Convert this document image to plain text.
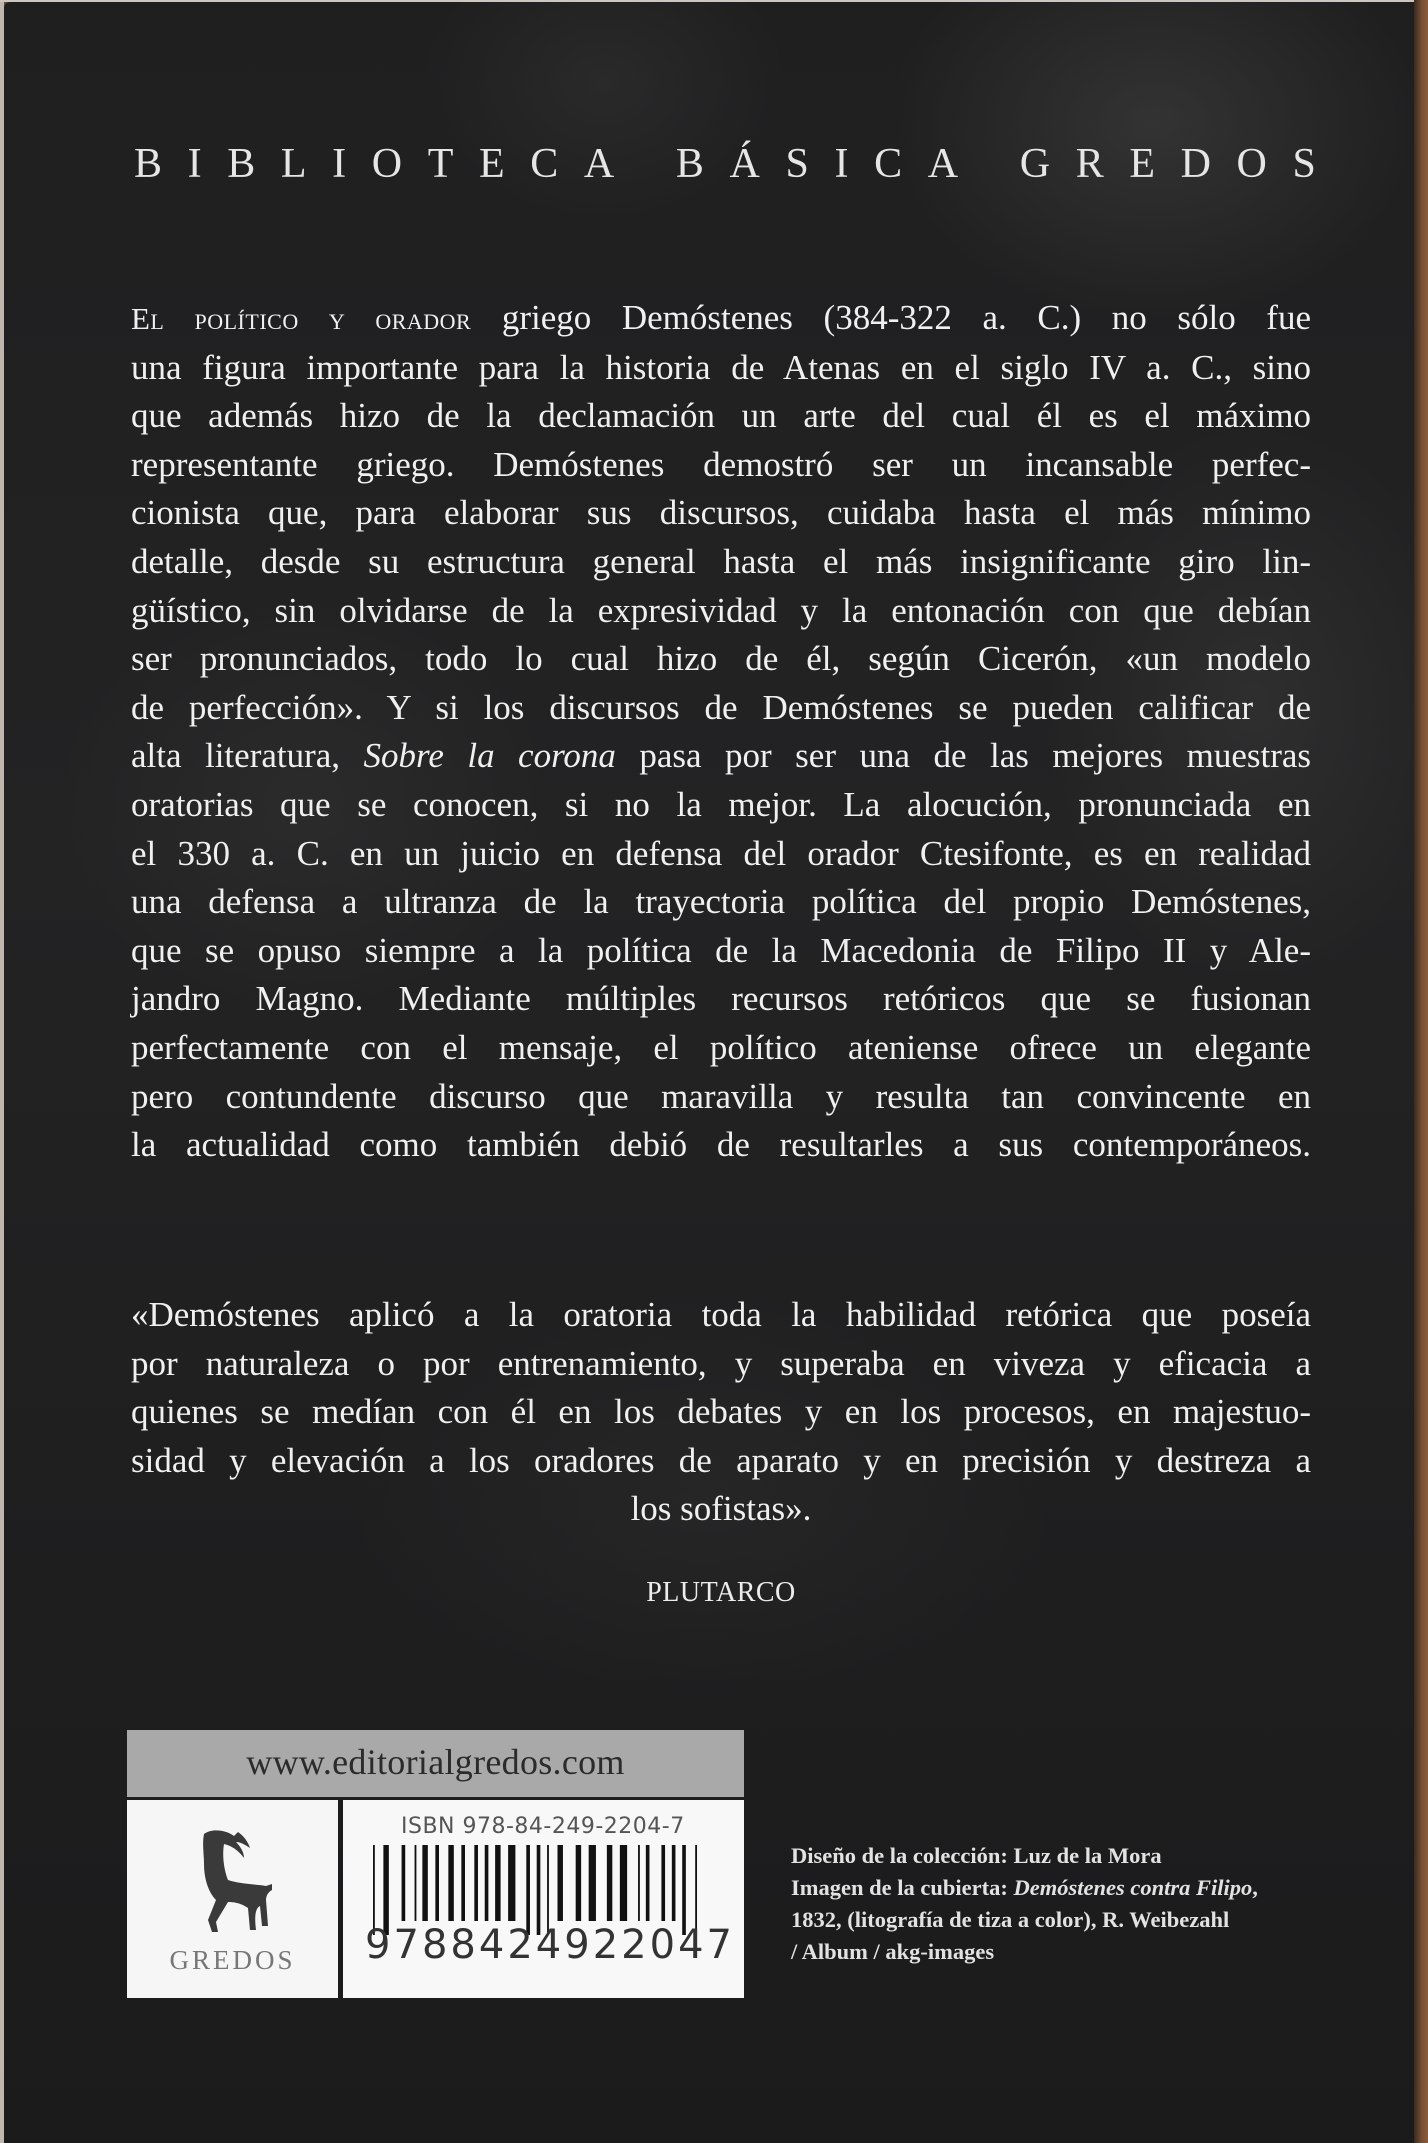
B I B L I O T E C A
B Á S I C A
G R E D O S
El político y orador griego Demóstenes (384-322 a. C.) no sólo fue
una figura importante para la historia de Atenas en el siglo IV a. C., sino
que además hizo de la declamación un arte del cual él es el máximo
representante griego. Demóstenes demostró ser un incansable perfec-
cionista que, para elaborar sus discursos, cuidaba hasta el más mínimo
detalle, desde su estructura general hasta el más insignificante giro lin-
güístico, sin olvidarse de la expresividad y la entonación con que debían
ser pronunciados, todo lo cual hizo de él, según Cicerón, «un modelo
de perfección». Y si los discursos de Demóstenes se pueden calificar de
alta literatura, Sobre la corona pasa por ser una de las mejores muestras
oratorias que se conocen, si no la mejor. La alocución, pronunciada en
el 330 a. C. en un juicio en defensa del orador Ctesifonte, es en realidad
una defensa a ultranza de la trayectoria política del propio Demóstenes,
que se opuso siempre a la política de la Macedonia de Filipo II y Ale-
jandro Magno. Mediante múltiples recursos retóricos que se fusionan
perfectamente con el mensaje, el político ateniense ofrece un elegante
pero contundente discurso que maravilla y resulta tan convincente en
la actualidad como también debió de resultarles a sus contemporáneos.
«Demóstenes aplicó a la oratoria toda la habilidad retórica que poseía
por naturaleza o por entrenamiento, y superaba en viveza y eficacia a
quienes se medían con él en los debates y en los procesos, en majestuo-
sidad y elevación a los oradores de aparato y en precisión y destreza a
los sofistas».
PLUTARCO
www.editorialgredos.com
GREDOS
ISBN 978-84-249-2204-7
9 788424 922047
Diseño de la colección: Luz de la Mora
Imagen de la cubierta: Demóstenes contra Filipo,
1832, (litografía de tiza a color), R. Weibezahl
/ Album / akg-images
